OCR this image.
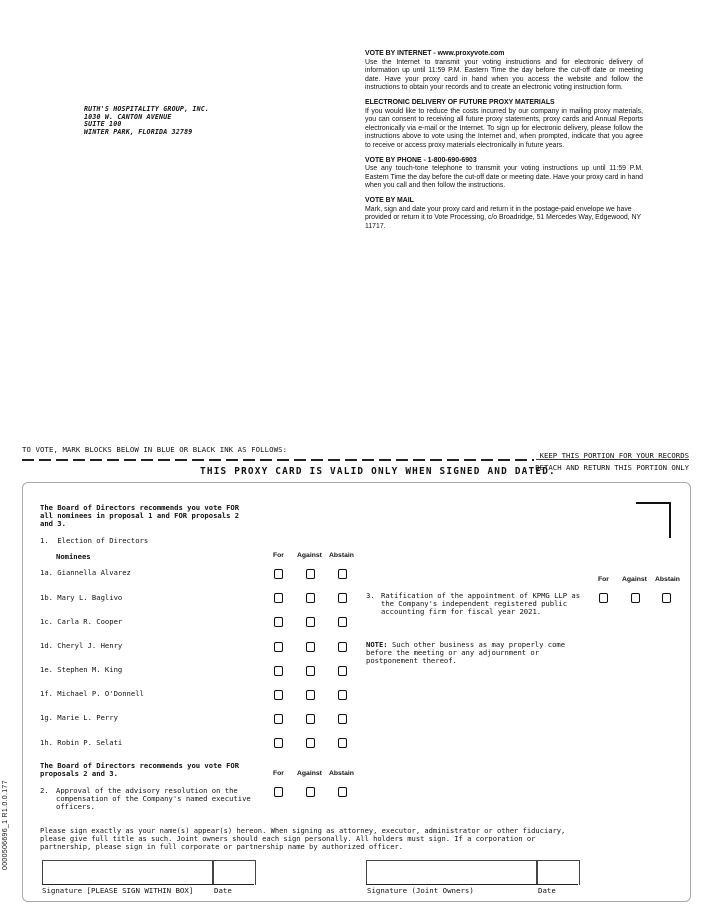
RUTH'S HOSPITALITY GROUP, INC.
1030 W. CANTON AVENUE
SUITE 100
WINTER PARK, FLORIDA 32789
VOTE BY INTERNET - www.proxyvote.com
Use the Internet to transmit your voting instructions and for electronic delivery of information up until 11:59 P.M. Eastern Time the day before the cut-off date or meeting date. Have your proxy card in hand when you access the website and follow the instructions to obtain your records and to create an electronic voting instruction form.
ELECTRONIC DELIVERY OF FUTURE PROXY MATERIALS
If you would like to reduce the costs incurred by our company in mailing proxy materials, you can consent to receiving all future proxy statements, proxy cards and Annual Reports electronically via e-mail or the Internet. To sign up for electronic delivery, please follow the instructions above to vote using the Internet and, when prompted, indicate that you agree to receive or access proxy materials electronically in future years.
VOTE BY PHONE - 1-800-690-6903
Use any touch-tone telephone to transmit your voting instructions up until 11:59 P.M. Eastern Time the day before the cut-off date or meeting date. Have your proxy card in hand when you call and then follow the instructions.
VOTE BY MAIL
Mark, sign and date your proxy card and return it in the postage-paid envelope we have provided or return it to Vote Processing, c/o Broadridge, 51 Mercedes Way, Edgewood, NY 11717.
TO VOTE, MARK BLOCKS BELOW IN BLUE OR BLACK INK AS FOLLOWS:
KEEP THIS PORTION FOR YOUR RECORDS
DETACH AND RETURN THIS PORTION ONLY
THIS PROXY CARD IS VALID ONLY WHEN SIGNED AND DATED.
The Board of Directors recommends you vote FOR all nominees in proposal 1 and FOR proposals 2 and 3.
1. Election of Directors
Nominees	For Against Abstain
1a. Giannella Alvarez
1b. Mary L. Baglivo
1c. Carla R. Cooper
1d. Cheryl J. Henry
1e. Stephen M. King
1f. Michael P. O'Donnell
1g. Marie L. Perry
1h. Robin P. Selati
The Board of Directors recommends you vote FOR proposals 2 and 3.	For Against Abstain
2. Approval of the advisory resolution on the compensation of the Company's named executive officers.
For Against Abstain
3. Ratification of the appointment of KPMG LLP as the Company's independent registered public accounting firm for fiscal year 2021.
NOTE: Such other business as may properly come before the meeting or any adjournment or postponement thereof.
Please sign exactly as your name(s) appear(s) hereon. When signing as attorney, executor, administrator or other fiduciary, please give full title as such. Joint owners should each sign personally. All holders must sign. If a corporation or partnership, please sign in full corporate or partnership name by authorized officer.
Signature [PLEASE SIGN WITHIN BOX]	Date	Signature (Joint Owners)	Date
0000506696_1 R1.0.0.177
